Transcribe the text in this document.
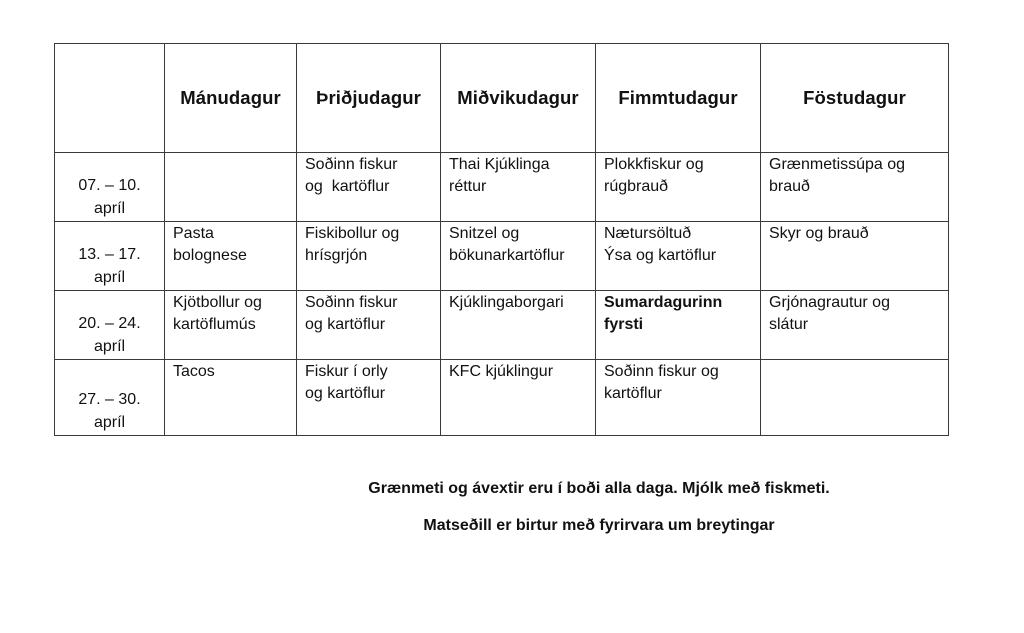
	Mánudagur	Þriðjudagur	Miðvikudagur	Fimmtudagur	Föstudagur

07. – 10.
apríl		Soðinn fiskur
og  kartöflur	Thai Kjúklinga
réttur	Plokkfiskur og
rúgbrauð	Grænmetissúpa og
brauð

13. – 17.
apríl	Pasta
bolognese	Fiskibollur og
hrísgrjón	Snitzel og
bökunarkartöflur	Nætursöltuð
Ýsa og kartöflur	Skyr og brauð

20. – 24.
apríl	Kjötbollur og
kartöflumús	Soðinn fiskur
og kartöflur	Kjúklingaborgari	Sumardagurinn
fyrsti	Grjónagrautur og
slátur

27. – 30.
apríl	Tacos	Fiskur í orly
og kartöflur	KFC kjúklingur	Soðinn fiskur og
kartöflur	

Grænmeti og ávextir eru í boði alla daga. Mjólk með fiskmeti.
Matseðill er birtur með fyrirvara um breytingar
